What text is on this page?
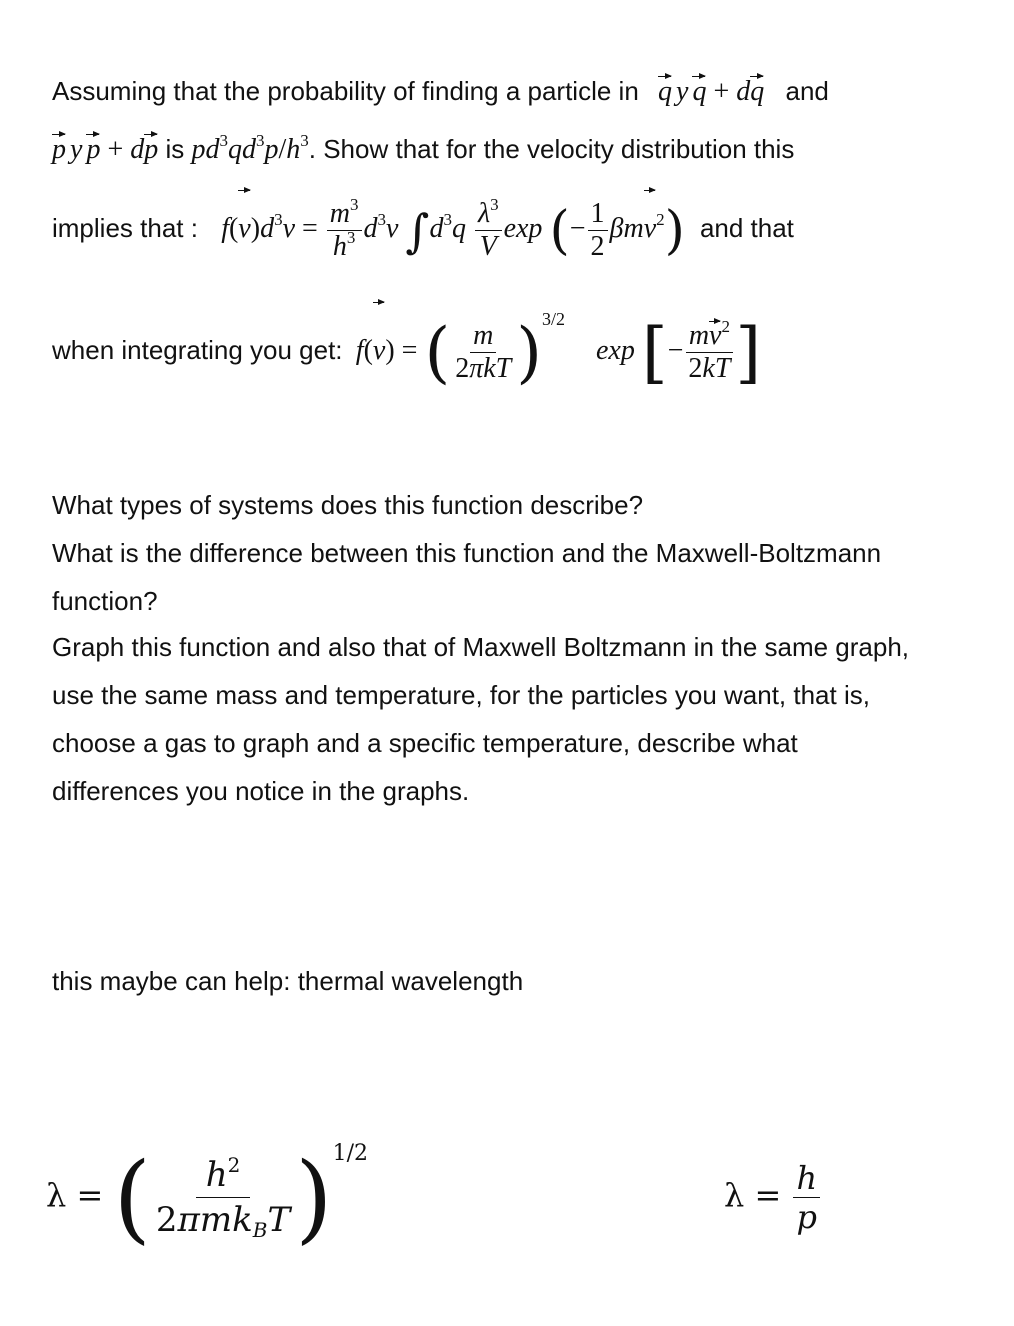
Assuming that the probability of finding a particle in q y q + dq and
p y p + dp is $pd^3qd^3p/h^3$. Show that for the velocity distribution this
implies that : $f(v)d^3v = \frac{m^3}{h^3} d^3v$ $\int d^3q \frac{\lambda^3}{V}$ exp (− $\frac{1}{2} \beta mv^2$) and that
when integrating you get: f(v) = ( $\frac{m}{\text{2πkT}} )^{3/2}$ exp [− $\frac{mv^2}{2kT}$ ]
What types of systems does this function describe?
What is the difference between this function and the Maxwell-Boltzmann
function?
Graph this function and also that of Maxwell Boltzmann in the same graph,
use the same mass and temperature, for the particles you want, that is,
choose a gas to graph and a specific temperature, describe what
differences you notice in the graphs.
this maybe can help: thermal wavelength
λ = ( $\frac{h^2}{2\pi mk_BT} )^{1/2}$
$\lambda = \frac{h}{p}$
